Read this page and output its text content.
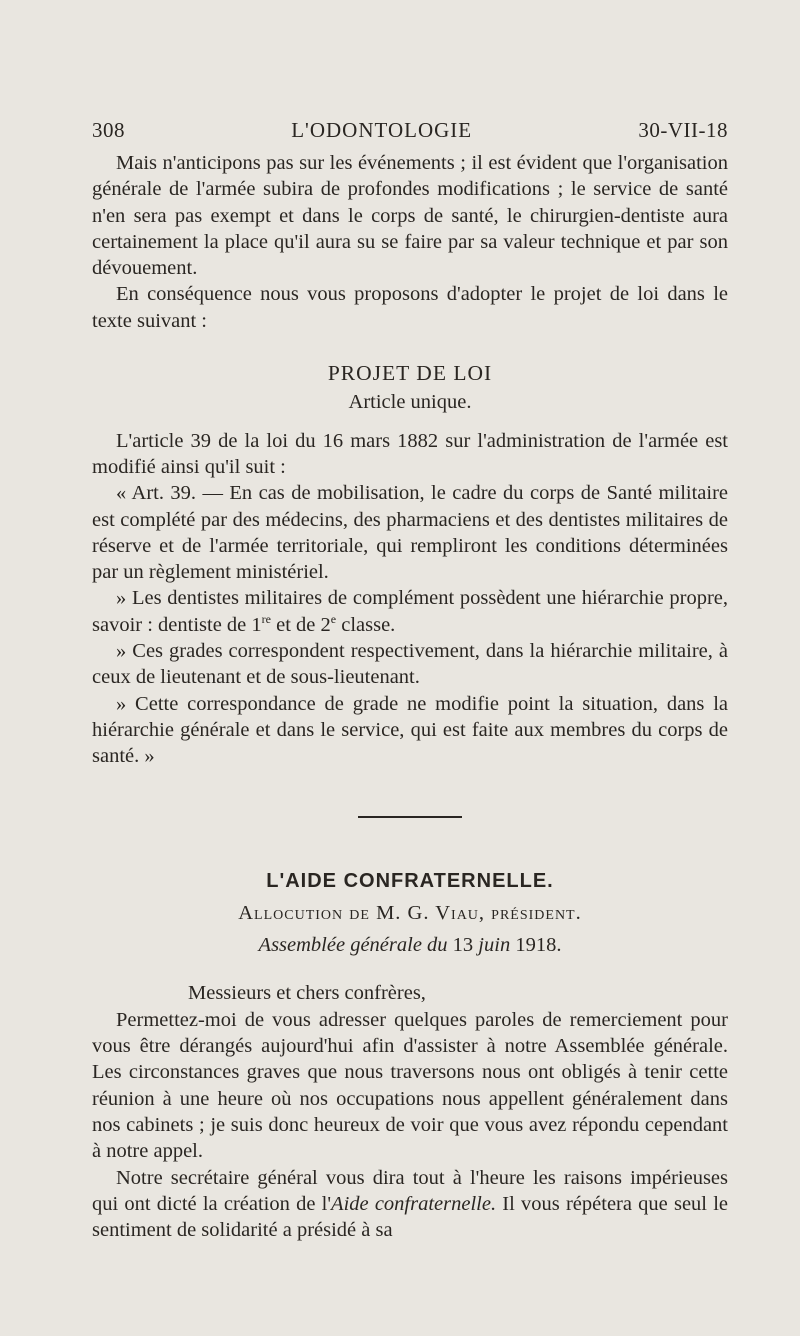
308	L'ODONTOLOGIE	30-VII-18

Mais n'anticipons pas sur les événements ; il est évident que l'organisation générale de l'armée subira de profondes modifications ; le service de santé n'en sera pas exempt et dans le corps de santé, le chirurgien-dentiste aura certainement la place qu'il aura su se faire par sa valeur technique et par son dévouement.

En conséquence nous vous proposons d'adopter le projet de loi dans le texte suivant :

PROJET DE LOI

Article unique.

L'article 39 de la loi du 16 mars 1882 sur l'administration de l'armée est modifié ainsi qu'il suit :

« Art. 39. — En cas de mobilisation, le cadre du corps de Santé militaire est complété par des médecins, des pharmaciens et des dentistes militaires de réserve et de l'armée territoriale, qui rempliront les conditions déterminées par un règlement ministériel.

» Les dentistes militaires de complément possèdent une hiérarchie propre, savoir : dentiste de 1re et de 2e classe.

» Ces grades correspondent respectivement, dans la hiérarchie militaire, à ceux de lieutenant et de sous-lieutenant.

» Cette correspondance de grade ne modifie point la situation, dans la hiérarchie générale et dans le service, qui est faite aux membres du corps de santé. »

L'AIDE CONFRATERNELLE.

Allocution de M. G. Viau, président.

Assemblée générale du 13 juin 1918.

Messieurs et chers confrères,

Permettez-moi de vous adresser quelques paroles de remerciement pour vous être dérangés aujourd'hui afin d'assister à notre Assemblée générale. Les circonstances graves que nous traversons nous ont obligés à tenir cette réunion à une heure où nos occupations nous appellent généralement dans nos cabinets ; je suis donc heureux de voir que vous avez répondu cependant à notre appel.

Notre secrétaire général vous dira tout à l'heure les raisons impérieuses qui ont dicté la création de l'Aide confraternelle. Il vous répétera que seul le sentiment de solidarité a présidé à sa
